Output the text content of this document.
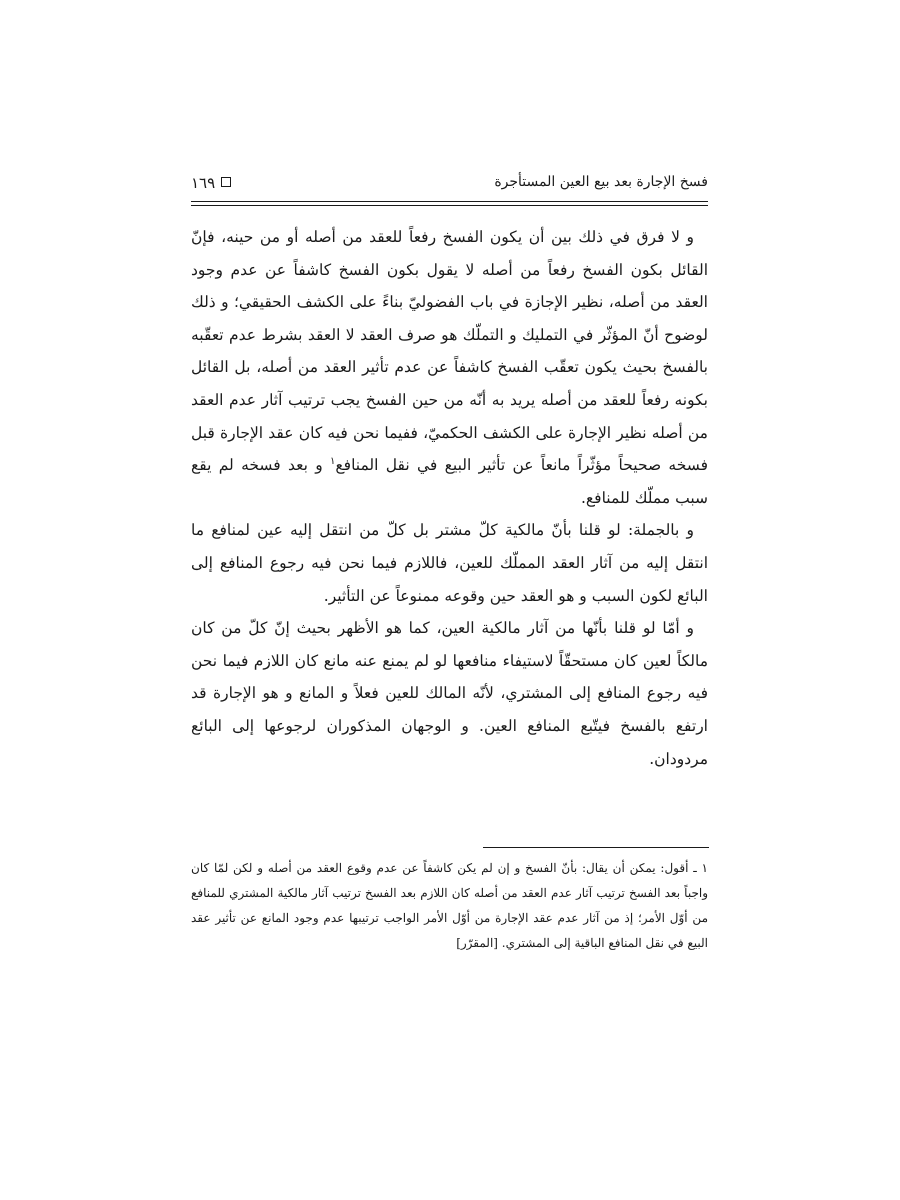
فسخ الإجارة بعد بيع العين المستأجرة
١٦٩

و لا فرق في ذلك بين أن يكون الفسخ رفعاً للعقد من أصله أو من حينه، فإنّ القائل بكون الفسخ رفعاً من أصله لا يقول بكون الفسخ كاشفاً عن عدم وجود العقد من أصله، نظير الإجازة في باب الفضوليّ بناءً على الكشف الحقيقي؛ و ذلك لوضوح أنّ المؤثّر في التمليك و التملّك هو صرف العقد لا العقد بشرط عدم تعقّبه بالفسخ بحيث يكون تعقّب الفسخ كاشفاً عن عدم تأثير العقد من أصله، بل القائل بكونه رفعاً للعقد من أصله يريد به أنّه من حين الفسخ يجب ترتيب آثار عدم العقد من أصله نظير الإجارة على الكشف الحكميّ، ففيما نحن فيه كان عقد الإجارة قبل فسخه صحيحاً مؤثّراً مانعاً عن تأثير البيع في نقل المنافع$^١$ و بعد فسخه لم يقع سبب مملّك للمنافع.

و بالجملة: لو قلنا بأنّ مالكية كلّ مشتر بل كلّ من انتقل إليه عين لمنافع ما انتقل إليه من آثار العقد المملّك للعين، فاللازم فيما نحن فيه رجوع المنافع إلى البائع لكون السبب و هو العقد حين وقوعه ممنوعاً عن التأثير.

و أمّا لو قلنا بأنّها من آثار مالكية العين، كما هو الأظهر بحيث إنّ كلّ من كان مالكاً لعين كان مستحقّاً لاستيفاء منافعها لو لم يمنع عنه مانع كان اللازم فيما نحن فيه رجوع المنافع إلى المشتري، لأنّه المالك للعين فعلاً و المانع و هو الإجارة قد ارتفع بالفسخ فيتّبع المنافع العين. و الوجهان المذكوران لرجوعها إلى البائع مردودان.

١ ـ أقول: يمكن أن يقال: بأنّ الفسخ و إن لم يكن كاشفاً عن عدم وقوع العقد من أصله و لكن لمّا كان واجباً بعد الفسخ ترتيب آثار عدم العقد من أصله كان اللازم بعد الفسخ ترتيب آثار مالكية المشتري للمنافع من أوّل الأمر؛ إذ من آثار عدم عقد الإجارة من أوّل الأمر الواجب ترتيبها عدم وجود المانع عن تأثير عقد البيع في نقل المنافع الباقية إلى المشتري. [المقرّر‌]
